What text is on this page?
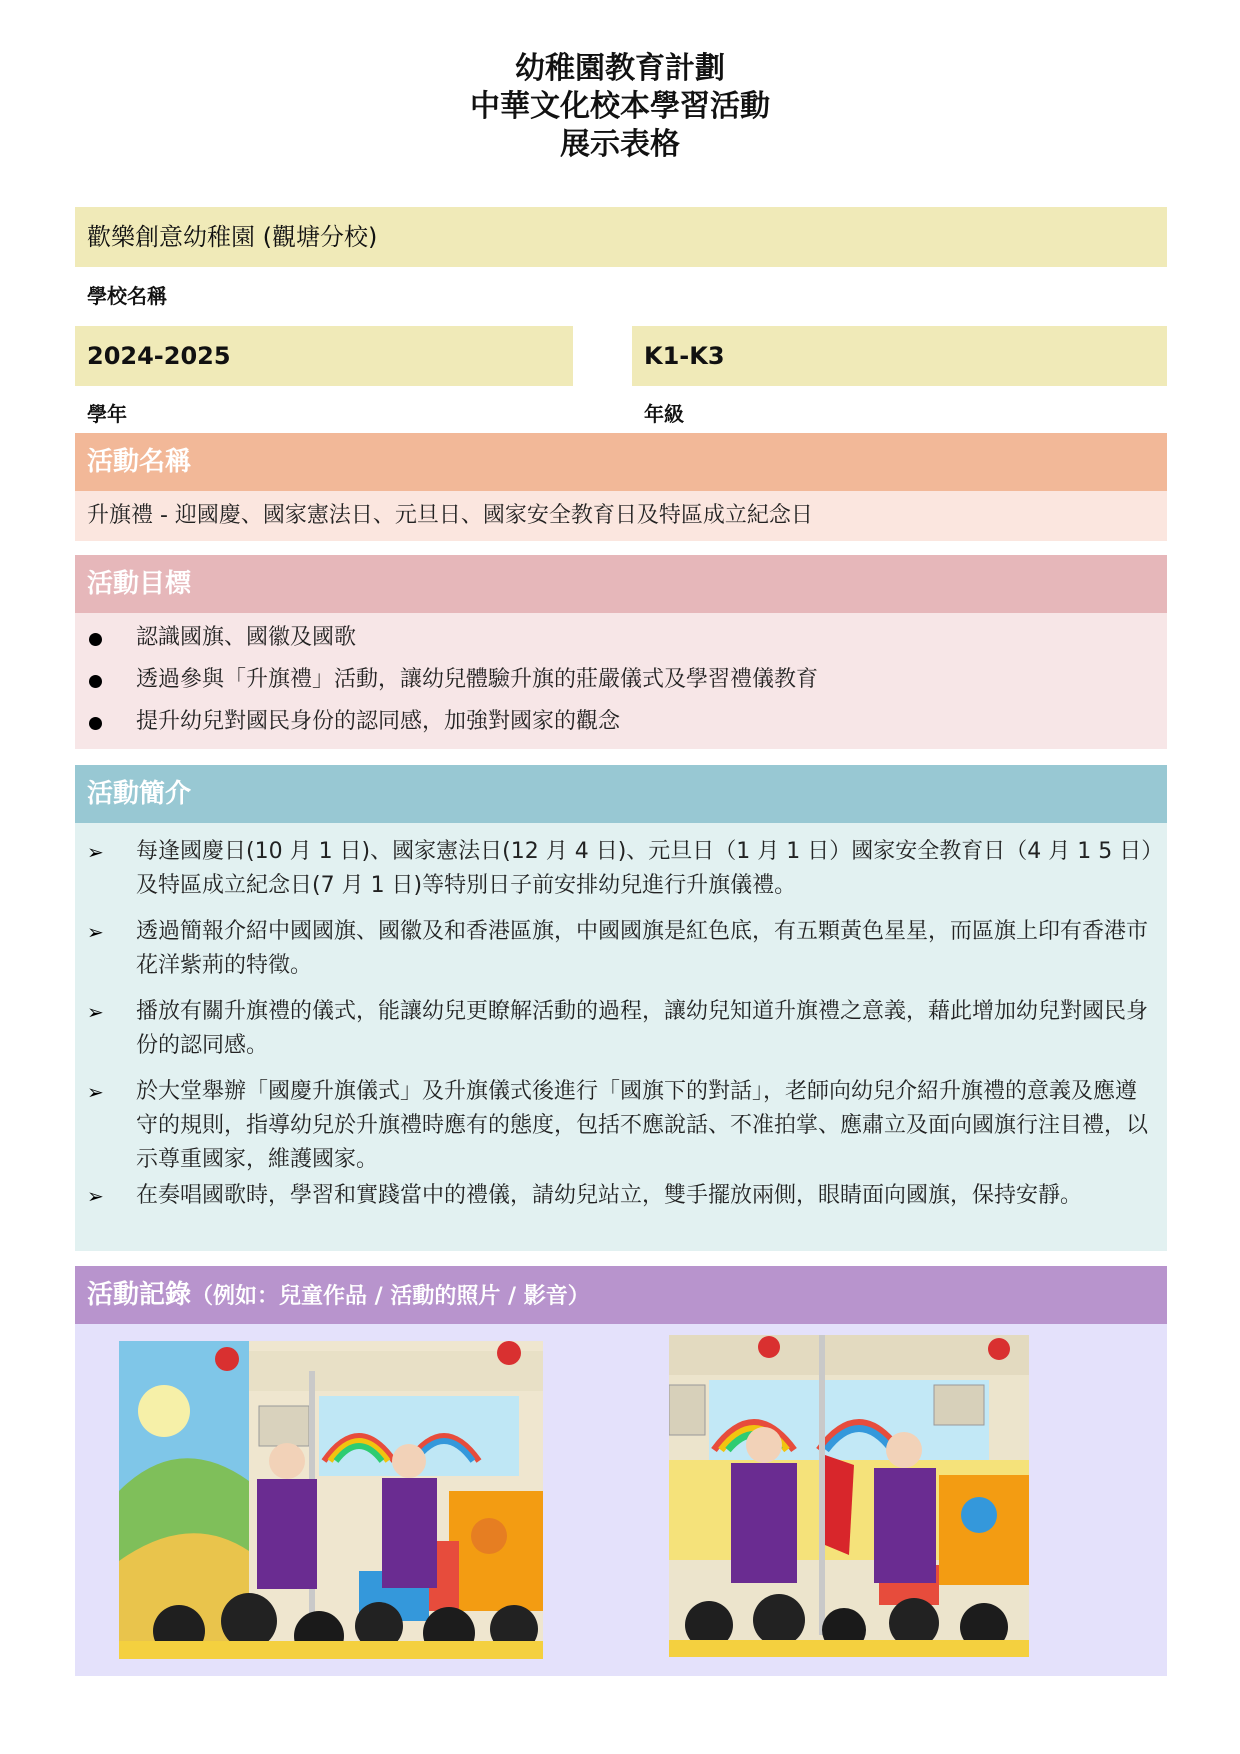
幼稚園教育計劃
中華文化校本學習活動
展示表格
歡樂創意幼稚園 (觀塘分校)
學校名稱
2024-2025
學年
K1-K3
年級
活動名稱
升旗禮 - 迎國慶、國家憲法日、元旦日、國家安全教育日及特區成立紀念日
活動目標
認識國旗、國徽及國歌
透過參與「升旗禮」活動，讓幼兒體驗升旗的莊嚴儀式及學習禮儀教育
提升幼兒對國民身份的認同感，加強對國家的觀念
活動簡介
➢ 每逢國慶日(10 月 1 日)、國家憲法日(12 月 4 日)、元旦日（1 月 1 日）國家安全教育日（4 月 1 5 日）及特區成立紀念日(7 月 1 日)等特別日子前安排幼兒進行升旗儀禮。
➢ 透過簡報介紹中國國旗、國徽及和香港區旗，中國國旗是紅色底，有五顆黃色星星，而區旗上印有香港市花洋紫荊的特徵。
➢ 播放有關升旗禮的儀式，能讓幼兒更瞭解活動的過程，讓幼兒知道升旗禮之意義，藉此增加幼兒對國民身份的認同感。
➢ 於大堂舉辦「國慶升旗儀式」及升旗儀式後進行「國旗下的對話」，老師向幼兒介紹升旗禮的意義及應遵守的規則，指導幼兒於升旗禮時應有的態度，包括不應說話、不准拍掌、應肅立及面向國旗行注目禮，以示尊重國家，維護國家。
➢ 在奏唱國歌時，學習和實踐當中的禮儀，請幼兒站立，雙手擺放兩側，眼睛面向國旗，保持安靜。
活動記錄（例如：兒童作品 / 活動的照片 / 影音）
